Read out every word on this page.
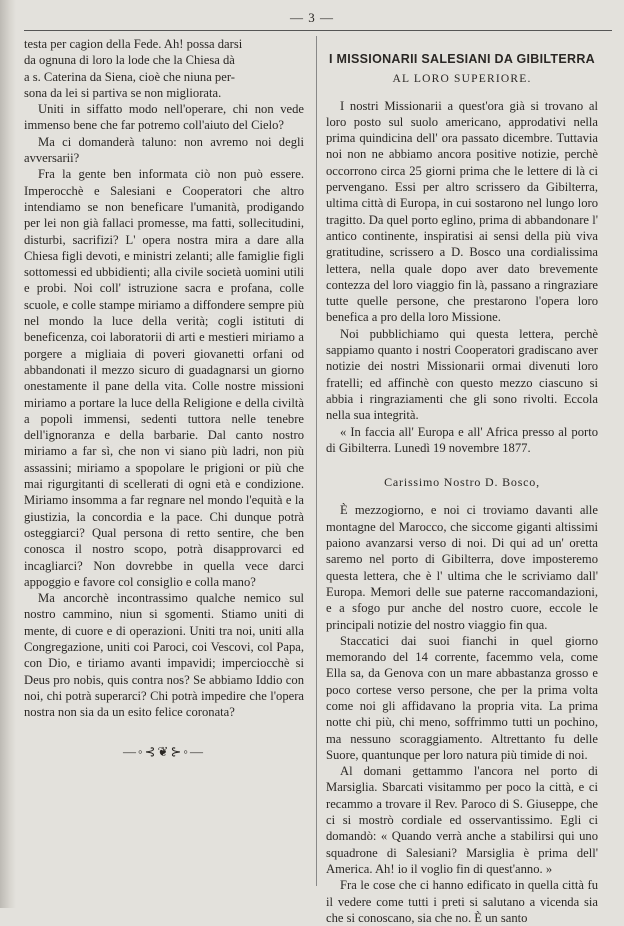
— 3 —

testa per cagion della Fede. Ah! possa darsi

da ognuna di loro la lode che la Chiesa dà

a s. Caterina da Siena, cioè che niuna per-

sona da lei si partiva se non migliorata.

Uniti in siffatto modo nell'operare, chi non vede immenso bene che far potremo coll'aiuto del Cielo?

Ma ci domanderà taluno: non avremo noi degli avversarii?

Fra la gente ben informata ciò non può essere. Imperocchè e Salesiani e Cooperatori che altro intendiamo se non beneficare l'umanità, prodigando per lei non già fallaci promesse, ma fatti, sollecitudini, disturbi, sacrifizi? L' opera nostra mira a dare alla Chiesa figli devoti, e ministri zelanti; alle famiglie figli sottomessi ed ubbidienti; alla civile società uomini utili e probi. Noi coll' istruzione sacra e profana, colle scuole, e colle stampe miriamo a diffondere sempre più nel mondo la luce della verità; cogli istituti di beneficenza, coi laboratorii di arti e mestieri miriamo a porgere a migliaia di poveri giovanetti orfani od abbandonati il mezzo sicuro di guadagnarsi un giorno onestamente il pane della vita. Colle nostre missioni miriamo a portare la luce della Religione e della civiltà a popoli immensi, sedenti tuttora nelle tenebre dell'ignoranza e della barbarie. Dal canto nostro miriamo a far sì, che non vi siano più ladri, non più assassini; miriamo a spopolare le prigioni or più che mai rigurgitanti di scellerati di ogni età e condizione. Miriamo insomma a far regnare nel mondo l'equità e la giustizia, la concordia e la pace. Chi dunque potrà osteggiarci? Qual persona di retto sentire, che ben conosca il nostro scopo, potrà disapprovarci ed incagliarci? Non dovrebbe in quella vece darci appoggio e favore col consiglio e colla mano?

Ma ancorchè incontrassimo qualche nemico sul nostro cammino, niun si sgomenti. Stiamo uniti di mente, di cuore e di operazioni. Uniti tra noi, uniti alla Congregazione, uniti coi Paroci, coi Vescovi, col Papa, con Dio, e tiriamo avanti impavidi; imperciocchè si Deus pro nobis, quis contra nos? Se abbiamo Iddio con noi, chi potrà superarci? Chi potrà impedire che l'opera nostra non sia da un esito felice coronata?

—◦⊰❦⊱◦—
I MISSIONARII SALESIANI DA GIBILTERRA
AL LORO SUPERIORE.

I nostri Missionarii a quest'ora già si trovano al loro posto sul suolo americano, approdativi nella prima quindicina dell' ora passato dicembre. Tuttavia noi non ne abbiamo ancora positive notizie, perchè occorrono circa 25 giorni prima che le lettere di là ci pervengano. Essi per altro scrissero da Gibilterra, ultima città di Europa, in cui sostarono nel lungo loro tragitto. Da quel porto eglino, prima di abbandonare l' antico continente, inspiratisi ai sensi della più viva gratitudine, scrissero a D. Bosco una cordialissima lettera, nella quale dopo aver dato brevemente contezza del loro viaggio fin là, passano a ringraziare tutte quelle persone, che prestarono l'opera loro benefica a pro della loro Missione.

Noi pubblichiamo qui questa lettera, perchè sappiamo quanto i nostri Cooperatori gradiscano aver notizie dei nostri Missionarii ormai divenuti loro fratelli; ed affinchè con questo mezzo ciascuno si abbia i ringraziamenti che gli sono rivolti. Eccola nella sua integrità.

« In faccia all' Europa e all' Africa presso al porto di Gibilterra. Lunedì 19 novembre 1877.

Carissimo Nostro D. Bosco,

È mezzogiorno, e noi ci troviamo davanti alle montagne del Marocco, che siccome giganti altissimi paiono avanzarsi verso di noi. Di qui ad un' oretta saremo nel porto di Gibilterra, dove imposteremo questa lettera, che è l' ultima che le scriviamo dall' Europa. Memori delle sue paterne raccomandazioni, e a sfogo pur anche del nostro cuore, eccole le principali notizie del nostro viaggio fin qua.

Staccatici dai suoi fianchi in quel giorno memorando del 14 corrente, facemmo vela, come Ella sa, da Genova con un mare abbastanza grosso e poco cortese verso persone, che per la prima volta come noi gli affidavano la propria vita. La prima notte chi più, chi meno, soffrimmo tutti un pochino, ma nessuno scoraggiamento. Altrettanto fu delle Suore, quantunque per loro natura più timide di noi.

Al domani gettammo l'ancora nel porto di Marsiglia. Sbarcati visitammo per poco la città, e ci recammo a trovare il Rev. Paroco di S. Giuseppe, che ci si mostrò cordiale ed osservantissimo. Egli ci domandò: « Quando verrà anche a stabilirsi qui uno squadrone di Salesiani? Marsiglia è prima dell' America. Ah! io il voglio fin di quest'anno. »

Fra le cose che ci hanno edificato in quella città fu il vedere come tutti i preti si salutano a vicenda sia che si conoscano, sia che no. È un santo
